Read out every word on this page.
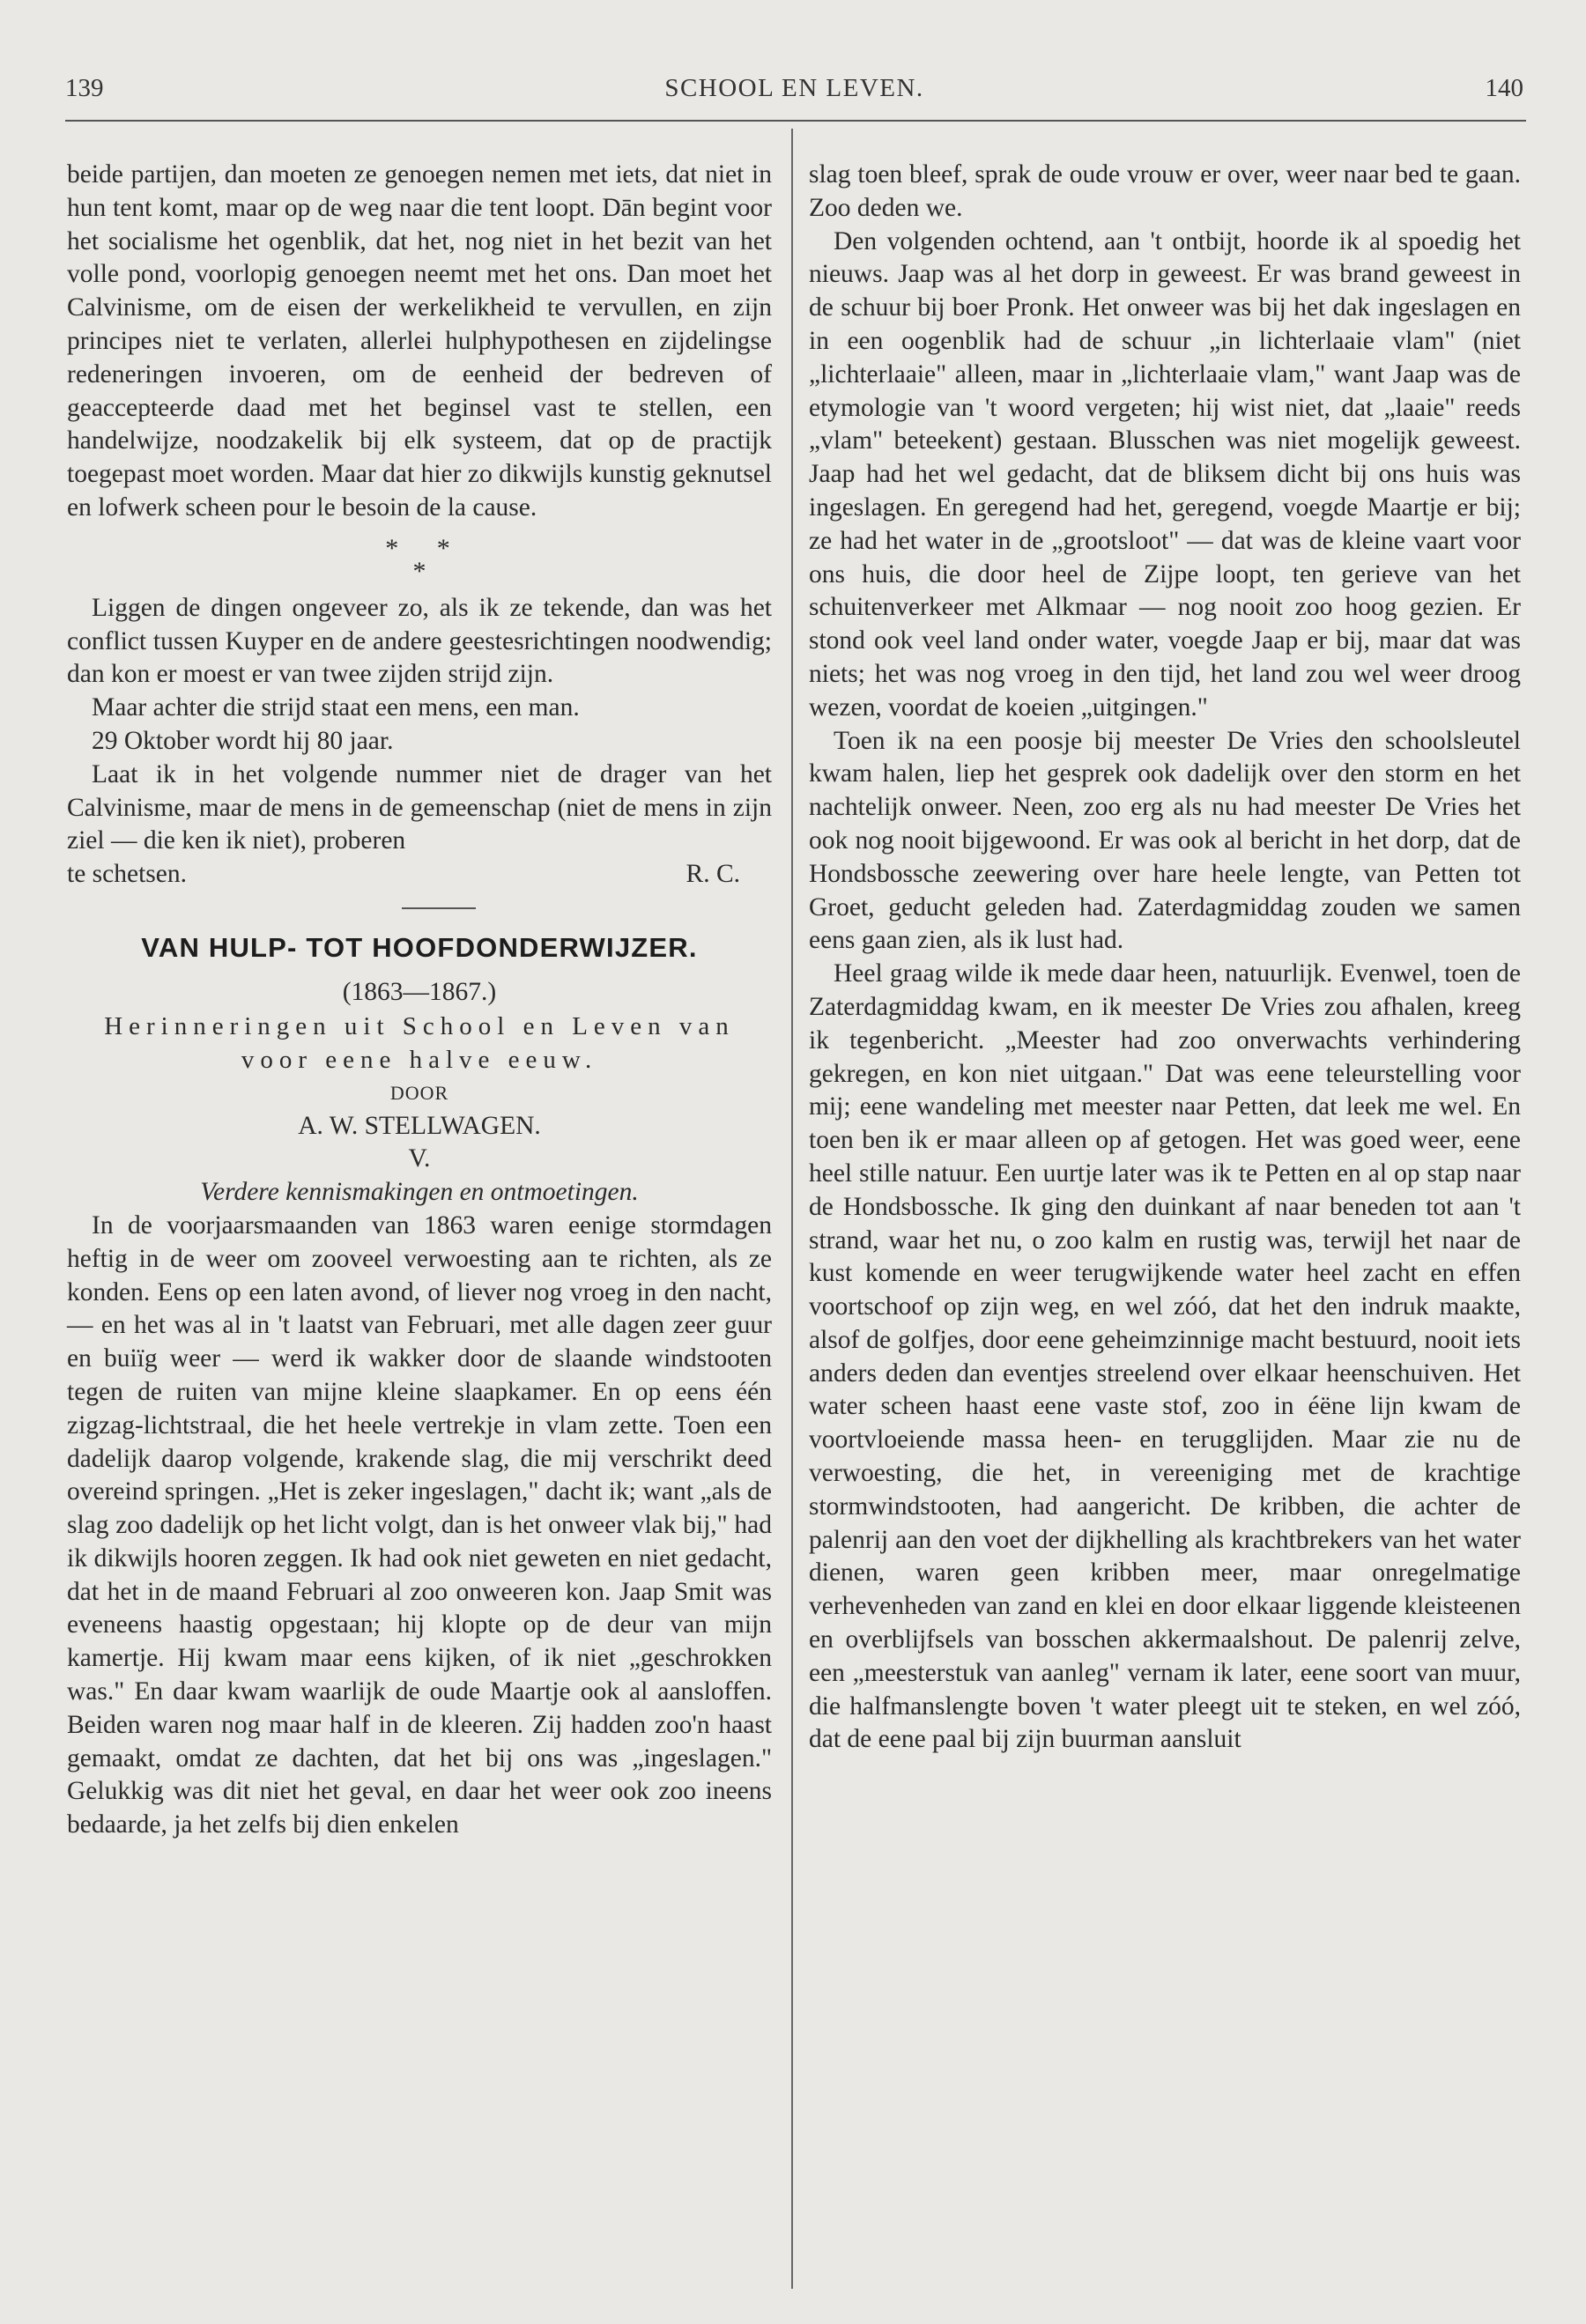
139	SCHOOL EN LEVEN.	140

beide partijen, dan moeten ze genoegen nemen met iets, dat niet in hun tent komt, maar op de weg naar die tent loopt. Dān begint voor het socialisme het ogenblik, dat het, nog niet in het bezit van het volle pond, voorlopig genoegen neemt met het ons. Dan moet het Calvinisme, om de eisen der werkelikheid te vervullen, en zijn principes niet te verlaten, allerlei hulphypothesen en zijdelingse redeneringen invoeren, om de eenheid der bedreven of geaccepteerde daad met het beginsel vast te stellen, een handelwijze, noodzakelik bij elk systeem, dat op de practijk toegepast moet worden. Maar dat hier zo dikwijls kunstig geknutsel en lofwerk scheen pour le besoin de la cause.

* *
*

Liggen de dingen ongeveer zo, als ik ze tekende, dan was het conflict tussen Kuyper en de andere geestesrichtingen noodwendig; dan kon er moest er van twee zijden strijd zijn.

Maar achter die strijd staat een mens, een man.

29 Oktober wordt hij 80 jaar.

Laat ik in het volgende nummer niet de drager van het Calvinisme, maar de mens in de gemeenschap (niet de mens in zijn ziel — die ken ik niet), proberen

te schetsen.	R. C.
VAN HULP- TOT HOOFDONDERWIJZER.
(1863—1867.)
Herinneringen uit School en Leven van
voor eene halve eeuw.
DOOR
A. W. STELLWAGEN.
V.
Verdere kennismakingen en ontmoetingen.

In de voorjaarsmaanden van 1863 waren eenige stormdagen heftig in de weer om zooveel verwoesting aan te richten, als ze konden. Eens op een laten avond, of liever nog vroeg in den nacht, — en het was al in 't laatst van Februari, met alle dagen zeer guur en buiïg weer — werd ik wakker door de slaande windstooten tegen de ruiten van mijne kleine slaapkamer. En op eens één zigzag-lichtstraal, die het heele vertrekje in vlam zette. Toen een dadelijk daarop volgende, krakende slag, die mij verschrikt deed overeind springen. „Het is zeker ingeslagen," dacht ik; want „als de slag zoo dadelijk op het licht volgt, dan is het onweer vlak bij," had ik dikwijls hooren zeggen. Ik had ook niet geweten en niet gedacht, dat het in de maand Februari al zoo onweeren kon. Jaap Smit was eveneens haastig opgestaan; hij klopte op de deur van mijn kamertje. Hij kwam maar eens kijken, of ik niet „geschrokken was." En daar kwam waarlijk de oude Maartje ook al aansloffen. Beiden waren nog maar half in de kleeren. Zij hadden zoo'n haast gemaakt, omdat ze dachten, dat het bij ons was „ingeslagen." Gelukkig was dit niet het geval, en daar het weer ook zoo ineens bedaarde, ja het zelfs bij dien enkelen

slag toen bleef, sprak de oude vrouw er over, weer naar bed te gaan. Zoo deden we.

Den volgenden ochtend, aan 't ontbijt, hoorde ik al spoedig het nieuws. Jaap was al het dorp in geweest. Er was brand geweest in de schuur bij boer Pronk. Het onweer was bij het dak ingeslagen en in een oogenblik had de schuur „in lichterlaaie vlam" (niet „lichterlaaie" alleen, maar in „lichterlaaie vlam," want Jaap was de etymologie van 't woord vergeten; hij wist niet, dat „laaie" reeds „vlam" beteekent) gestaan. Blusschen was niet mogelijk geweest. Jaap had het wel gedacht, dat de bliksem dicht bij ons huis was ingeslagen. En geregend had het, geregend, voegde Maartje er bij; ze had het water in de „grootsloot" — dat was de kleine vaart voor ons huis, die door heel de Zijpe loopt, ten gerieve van het schuitenverkeer met Alkmaar — nog nooit zoo hoog gezien. Er stond ook veel land onder water, voegde Jaap er bij, maar dat was niets; het was nog vroeg in den tijd, het land zou wel weer droog wezen, voordat de koeien „uitgingen."

Toen ik na een poosje bij meester De Vries den schoolsleutel kwam halen, liep het gesprek ook dadelijk over den storm en het nachtelijk onweer. Neen, zoo erg als nu had meester De Vries het ook nog nooit bijgewoond. Er was ook al bericht in het dorp, dat de Hondsbossche zeewering over hare heele lengte, van Petten tot Groet, geducht geleden had. Zaterdagmiddag zouden we samen eens gaan zien, als ik lust had.

Heel graag wilde ik mede daar heen, natuurlijk. Evenwel, toen de Zaterdagmiddag kwam, en ik meester De Vries zou afhalen, kreeg ik tegenbericht. „Meester had zoo onverwachts verhindering gekregen, en kon niet uitgaan." Dat was eene teleurstelling voor mij; eene wandeling met meester naar Petten, dat leek me wel. En toen ben ik er maar alleen op af getogen. Het was goed weer, eene heel stille natuur. Een uurtje later was ik te Petten en al op stap naar de Hondsbossche. Ik ging den duinkant af naar beneden tot aan 't strand, waar het nu, o zoo kalm en rustig was, terwijl het naar de kust komende en weer terugwijkende water heel zacht en effen voortschoof op zijn weg, en wel zóó, dat het den indruk maakte, alsof de golfjes, door eene geheimzinnige macht bestuurd, nooit iets anders deden dan eventjes streelend over elkaar heenschuiven. Het water scheen haast eene vaste stof, zoo in éëne lijn kwam de voortvloeiende massa heen- en terugglijden. Maar zie nu de verwoesting, die het, in vereeniging met de krachtige stormwindstooten, had aangericht. De kribben, die achter de palenrij aan den voet der dijkhelling als krachtbrekers van het water dienen, waren geen kribben meer, maar onregelmatige verhevenheden van zand en klei en door elkaar liggende kleisteenen en overblijfsels van bosschen akkermaalshout. De palenrij zelve, een „meesterstuk van aanleg" vernam ik later, eene soort van muur, die halfmanslengte boven 't water pleegt uit te steken, en wel zóó, dat de eene paal bij zijn buurman aansluit
